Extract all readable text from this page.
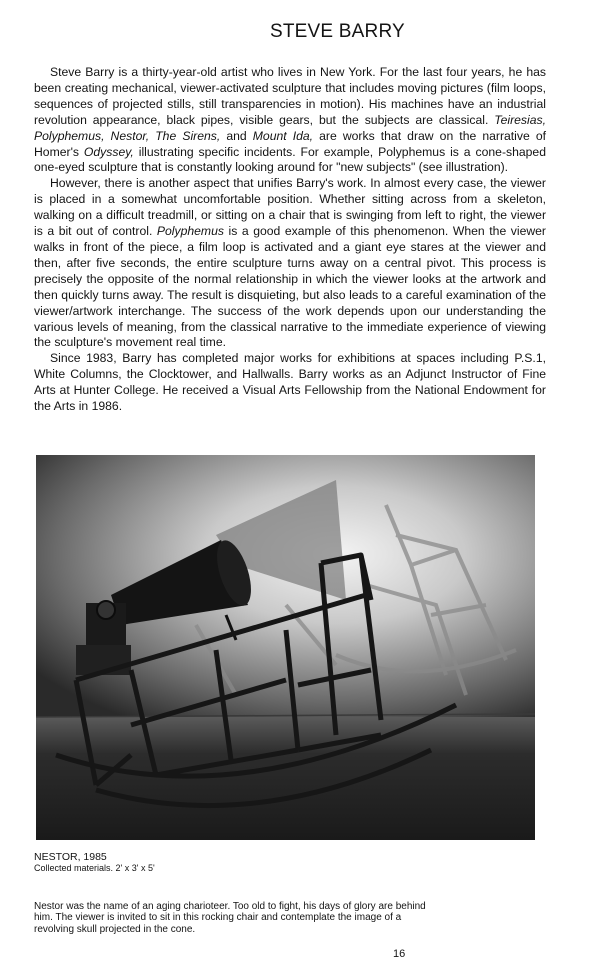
STEVE BARRY

Steve Barry is a thirty-year-old artist who lives in New York. For the last four years, he has been creating mechanical, viewer-activated sculpture that includes moving pictures (film loops, sequences of projected stills, still transparencies in motion). His machines have an industrial revolution appearance, black pipes, visible gears, but the subjects are classical. Teiresias, Polyphemus, Nestor, The Sirens, and Mount Ida, are works that draw on the narrative of Homer's Odyssey, illustrating specific incidents. For example, Polyphemus is a cone-shaped one-eyed sculpture that is constantly looking around for "new subjects" (see illustration).

However, there is another aspect that unifies Barry's work. In almost every case, the viewer is placed in a somewhat uncomfortable position. Whether sitting across from a skeleton, walking on a difficult treadmill, or sitting on a chair that is swinging from left to right, the viewer is a bit out of control. Polyphemus is a good example of this phenomenon. When the viewer walks in front of the piece, a film loop is activated and a giant eye stares at the viewer and then, after five seconds, the entire sculpture turns away on a central pivot. This process is precisely the opposite of the normal relationship in which the viewer looks at the artwork and then quickly turns away. The result is disquieting, but also leads to a careful examination of the viewer/artwork interchange. The success of the work depends upon our understanding the various levels of meaning, from the classical narrative to the immediate experience of viewing the sculpture's movement real time.

Since 1983, Barry has completed major works for exhibitions at spaces including P.S.1, White Columns, the Clocktower, and Hallwalls. Barry works as an Adjunct Instructor of Fine Arts at Hunter College. He received a Visual Arts Fellowship from the National Endowment for the Arts in 1986.

NESTOR, 1985
Collected materials. 2' x 3' x 5'
Nestor was the name of an aging charioteer. Too old to fight, his days of glory are behind him. The viewer is invited to sit in this rocking chair and contemplate the image of a revolving skull projected in the cone.
16
